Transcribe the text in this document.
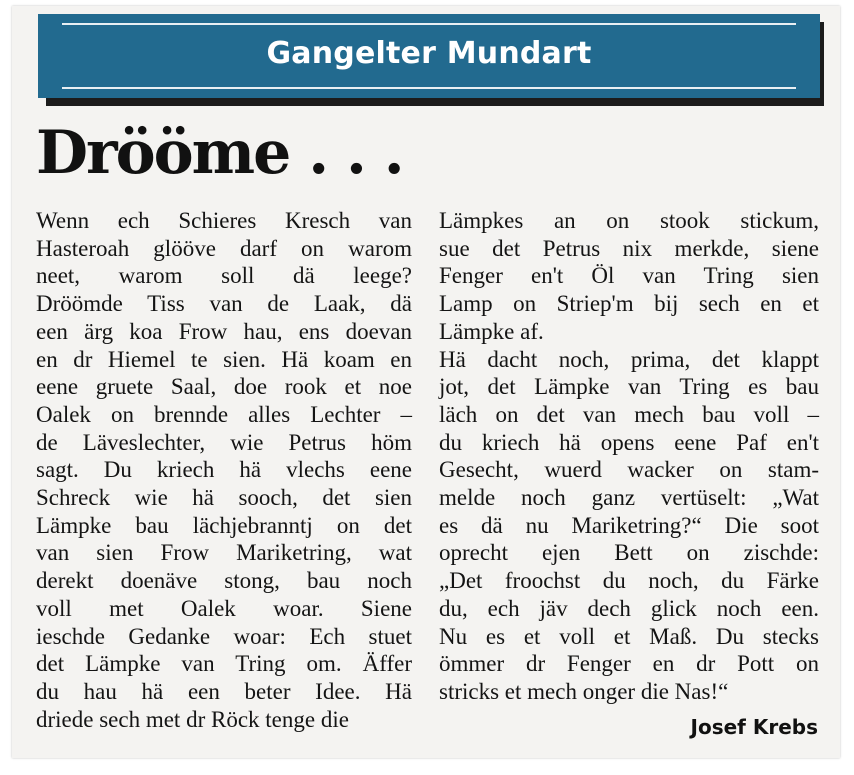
Gangelter Mundart
Drööme . . .
Wenn ech Schieres Kresch van
Hasteroah glööve darf on warom
neet, warom soll dä leege?
Dröömde Tiss van de Laak, dä
een ärg koa Frow hau, ens doevan
en dr Hiemel te sien. Hä koam en
eene gruete Saal, doe rook et noe
Oalek on brennde alles Lechter –
de Läveslechter, wie Petrus höm
sagt. Du kriech hä vlechs eene
Schreck wie hä sooch, det sien
Lämpke bau lächjebranntj on det
van sien Frow Mariketring, wat
derekt doenäve stong, bau noch
voll met Oalek woar. Siene
ieschde Gedanke woar: Ech stuet
det Lämpke van Tring om. Äffer
du hau hä een beter Idee. Hä
driede sech met dr Röck tenge die
Lämpkes an on stook stickum,
sue det Petrus nix merkde, siene
Fenger en't Öl van Tring sien
Lamp on Striep'm bij sech en et
Lämpke af.
Hä dacht noch, prima, det klappt
jot, det Lämpke van Tring es bau
läch on det van mech bau voll –
du kriech hä opens eene Paf en't
Gesecht, wuerd wacker on stam-
melde noch ganz vertüselt: „Wat
es dä nu Mariketring?“ Die soot
oprecht ejen Bett on zischde:
„Det froochst du noch, du Färke
du, ech jäv dech glick noch een.
Nu es et voll et Maß. Du stecks
ömmer dr Fenger en dr Pott on
stricks et mech onger die Nas!“
Josef Krebs
